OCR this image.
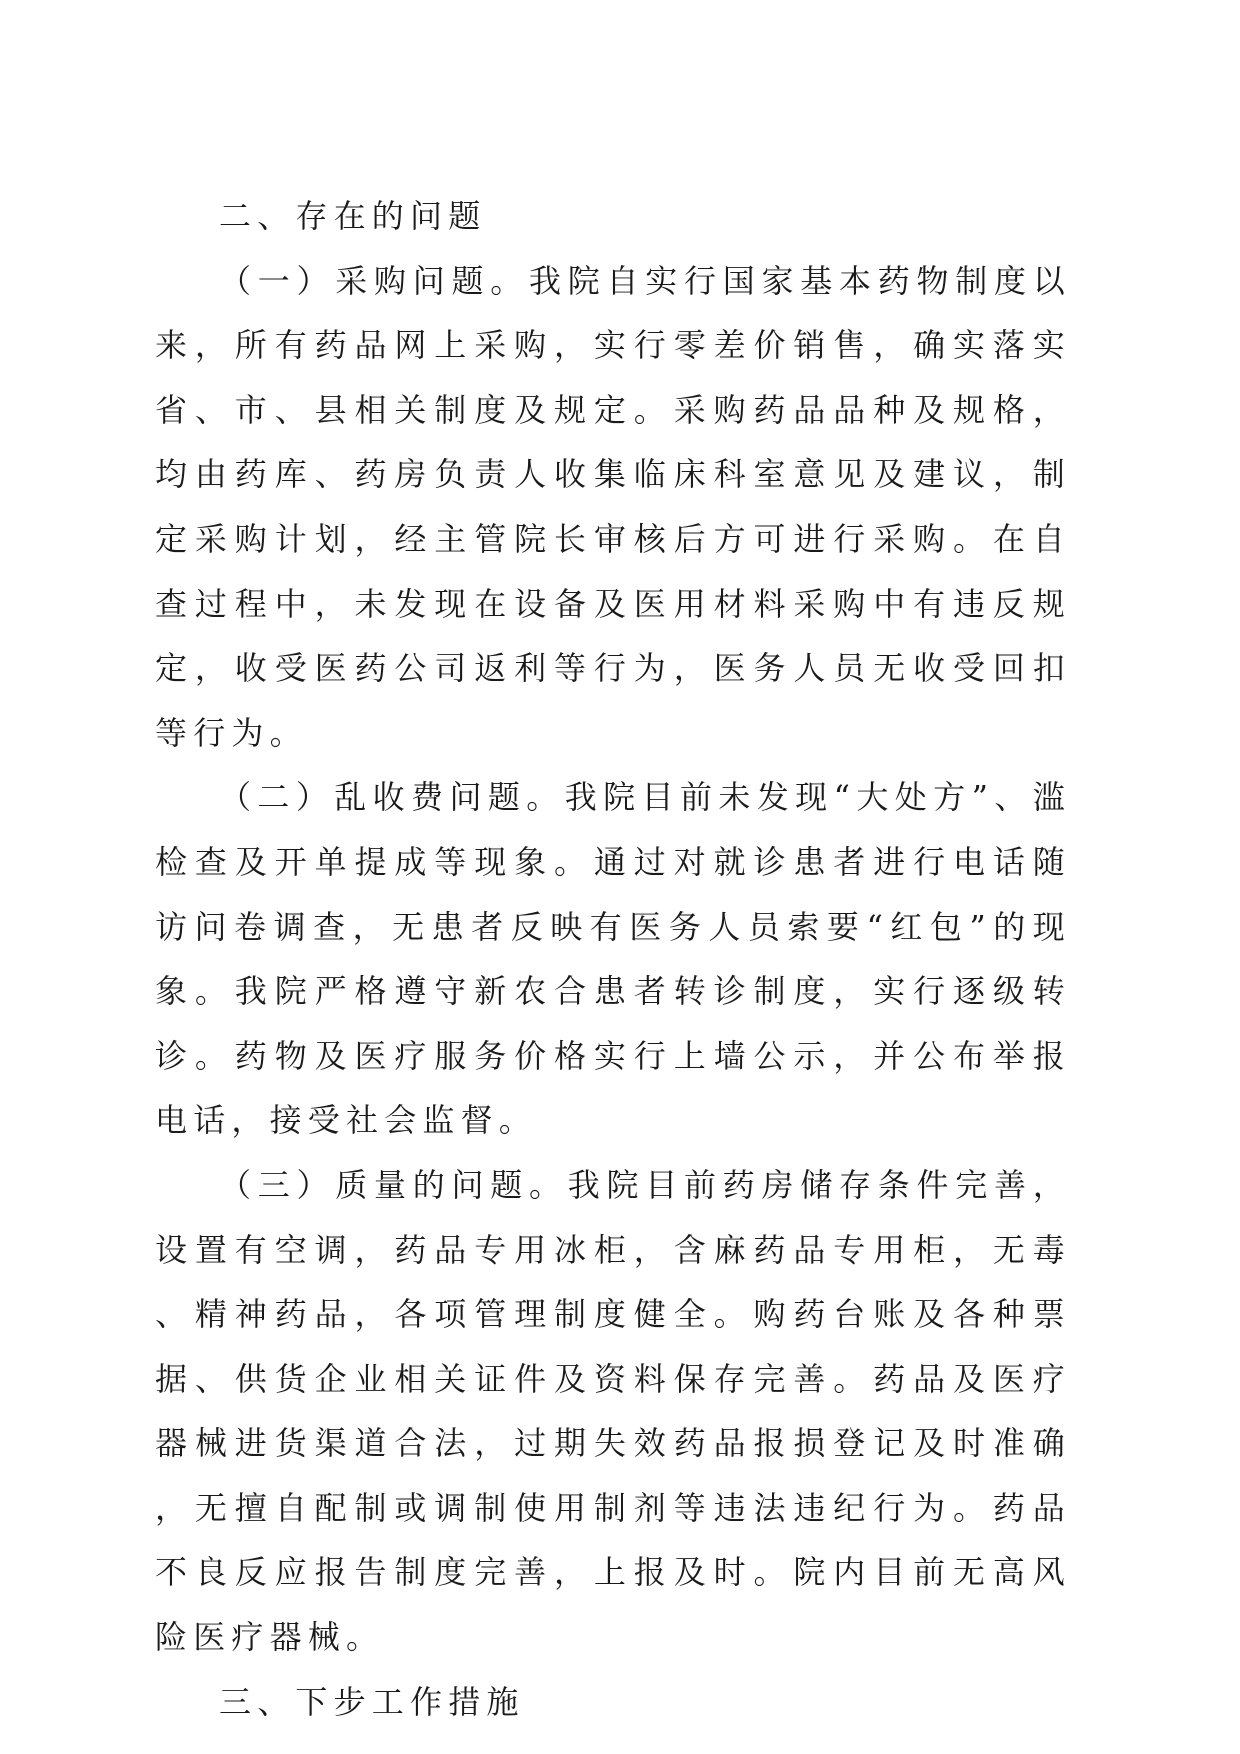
二、存在的问题

（一）采购问题。我院自实行国家基本药物制度以来，所有药品网上采购，实行零差价销售，确实落实省、市、县相关制度及规定。采购药品品种及规格，均由药库、药房负责人收集临床科室意见及建议，制定采购计划，经主管院长审核后方可进行采购。在自查过程中，未发现在设备及医用材料采购中有违反规定，收受医药公司返利等行为，医务人员无收受回扣等行为。

（二）乱收费问题。我院目前未发现“大处方”、滥检查及开单提成等现象。通过对就诊患者进行电话随访问卷调查，无患者反映有医务人员索要“红包”的现象。我院严格遵守新农合患者转诊制度，实行逐级转诊。药物及医疗服务价格实行上墙公示，并公布举报电话，接受社会监督。

（三）质量的问题。我院目前药房储存条件完善，设置有空调，药品专用冰柜，含麻药品专用柜，无毒、精神药品，各项管理制度健全。购药台账及各种票据、供货企业相关证件及资料保存完善。药品及医疗器械进货渠道合法，过期失效药品报损登记及时准确，无擅自配制或调制使用制剂等违法违纪行为。药品不良反应报告制度完善，上报及时。院内目前无高风险医疗器械。

三、下步工作措施
